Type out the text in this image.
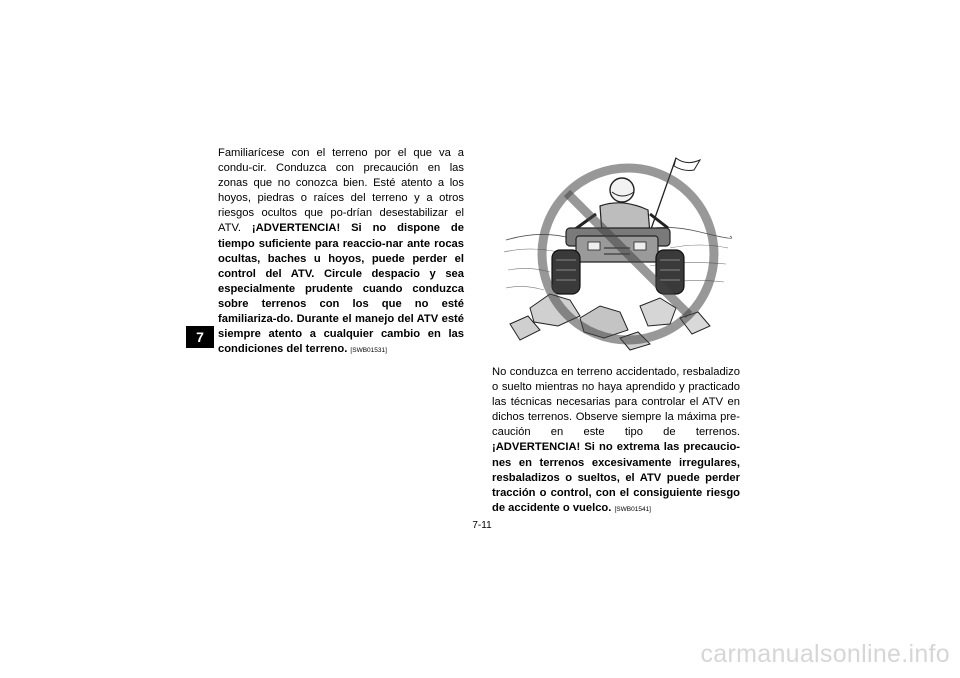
7
Familiarícese con el terreno por el que va a condu-cir. Conduzca con precaución en las zonas que no conozca bien. Esté atento a los hoyos, piedras o raíces del terreno y a otros riesgos ocultos que po-drían desestabilizar el ATV. ¡ADVERTENCIA! Si no dispone de tiempo suficiente para reaccio-nar ante rocas ocultas, baches u hoyos, puede perder el control del ATV. Circule despacio y sea especialmente prudente cuando conduzca sobre terrenos con los que no esté familiariza-do. Durante el manejo del ATV esté siempre atento a cualquier cambio en las condiciones del terreno. [SWB01531]
No conduzca en terreno accidentado, resbaladizo o suelto mientras no haya aprendido y practicado las técnicas necesarias para controlar el ATV en dichos terrenos. Observe siempre la máxima pre-caución en este tipo de terrenos. ¡ADVERTENCIA! Si no extrema las precaucio-nes en terrenos excesivamente irregulares, resbaladizos o sueltos, el ATV puede perder tracción o control, con el consiguiente riesgo de accidente o vuelco. [SWB01541]
7-11
carmanualsonline.info
